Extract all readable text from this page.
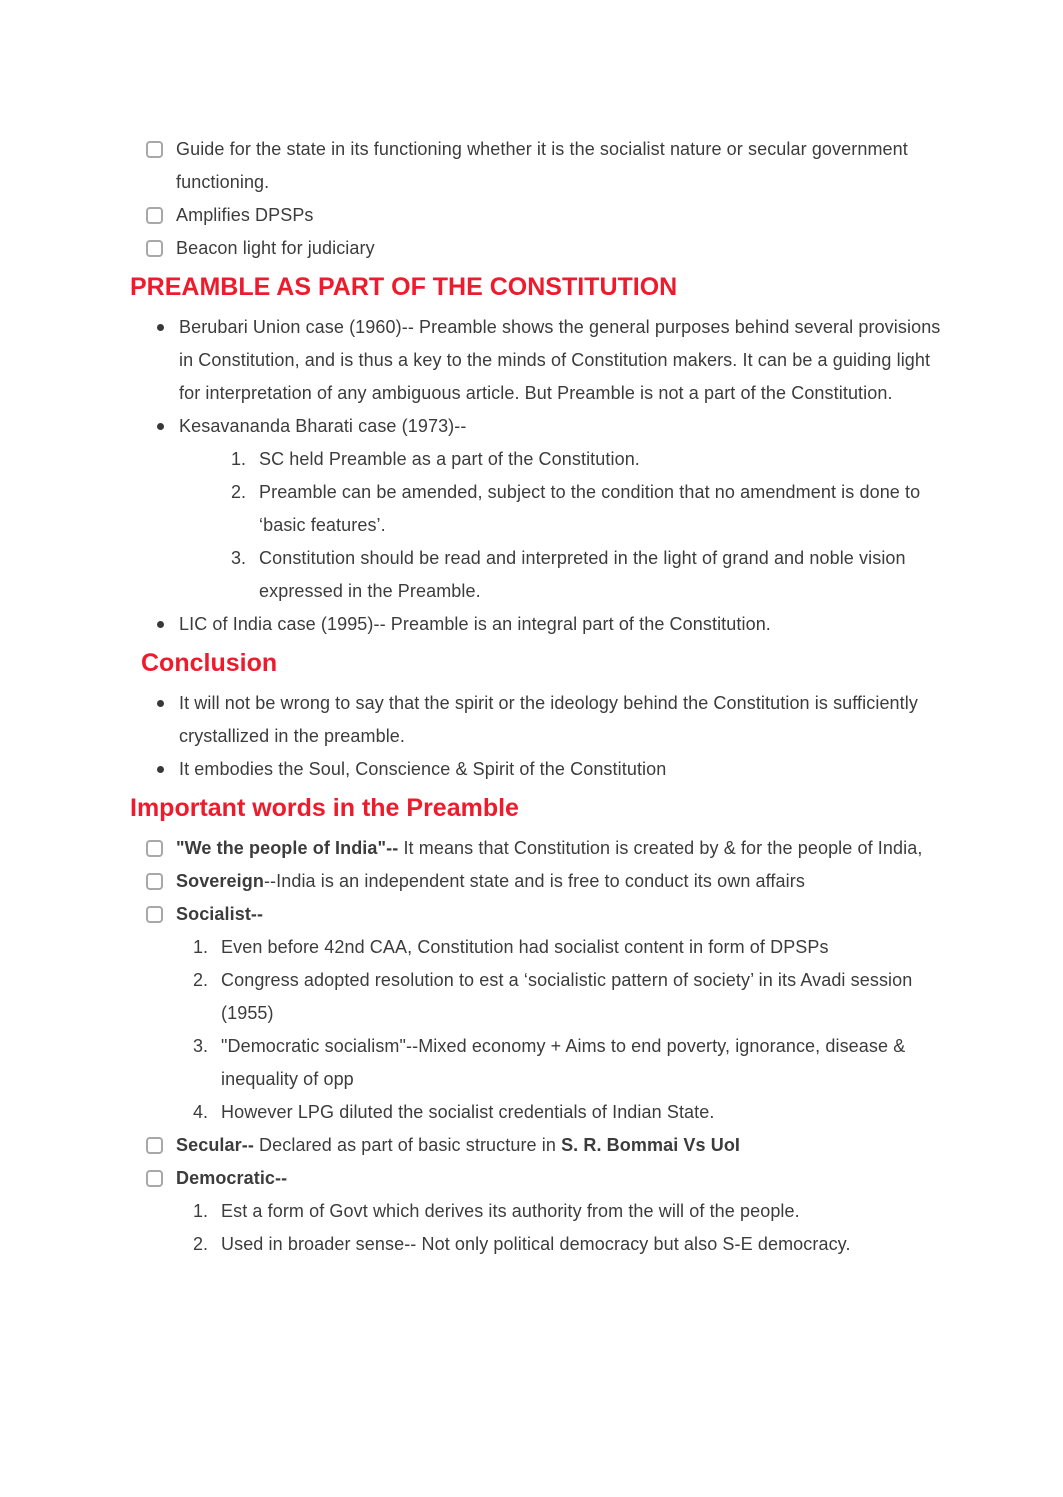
Guide for the state in its functioning whether it is the socialist nature or secular government functioning.
Amplifies DPSPs
Beacon light for judiciary
PREAMBLE AS PART OF THE CONSTITUTION
Berubari Union case (1960)-- Preamble shows the general purposes behind several provisions in Constitution, and is thus a key to the minds of Constitution makers. It can be a guiding light for interpretation of any ambiguous article. But Preamble is not a part of the Constitution.
Kesavananda Bharati case (1973)--
1. SC held Preamble as a part of the Constitution.
2. Preamble can be amended, subject to the condition that no amendment is done to ‘basic features’.
3. Constitution should be read and interpreted in the light of grand and noble vision expressed in the Preamble.
LIC of India case (1995)-- Preamble is an integral part of the Constitution.
Conclusion
It will not be wrong to say that the spirit or the ideology behind the Constitution is sufficiently crystallized in the preamble.
It embodies the Soul, Conscience & Spirit of the Constitution
Important words in the Preamble
"We the people of India"-- It means that Constitution is created by & for the people of India,
Sovereign--India is an independent state and is free to conduct its own affairs
Socialist--
1. Even before 42nd CAA, Constitution had socialist content in form of DPSPs
2. Congress adopted resolution to est a ‘socialistic pattern of society’ in its Avadi session (1955)
3. "Democratic socialism"--Mixed economy + Aims to end poverty, ignorance, disease & inequality of opp
4. However LPG diluted the socialist credentials of Indian State.
Secular-- Declared as part of basic structure in S. R. Bommai Vs UoI
Democratic--
1. Est a form of Govt which derives its authority from the will of the people.
2. Used in broader sense-- Not only political democracy but also S-E democracy.
